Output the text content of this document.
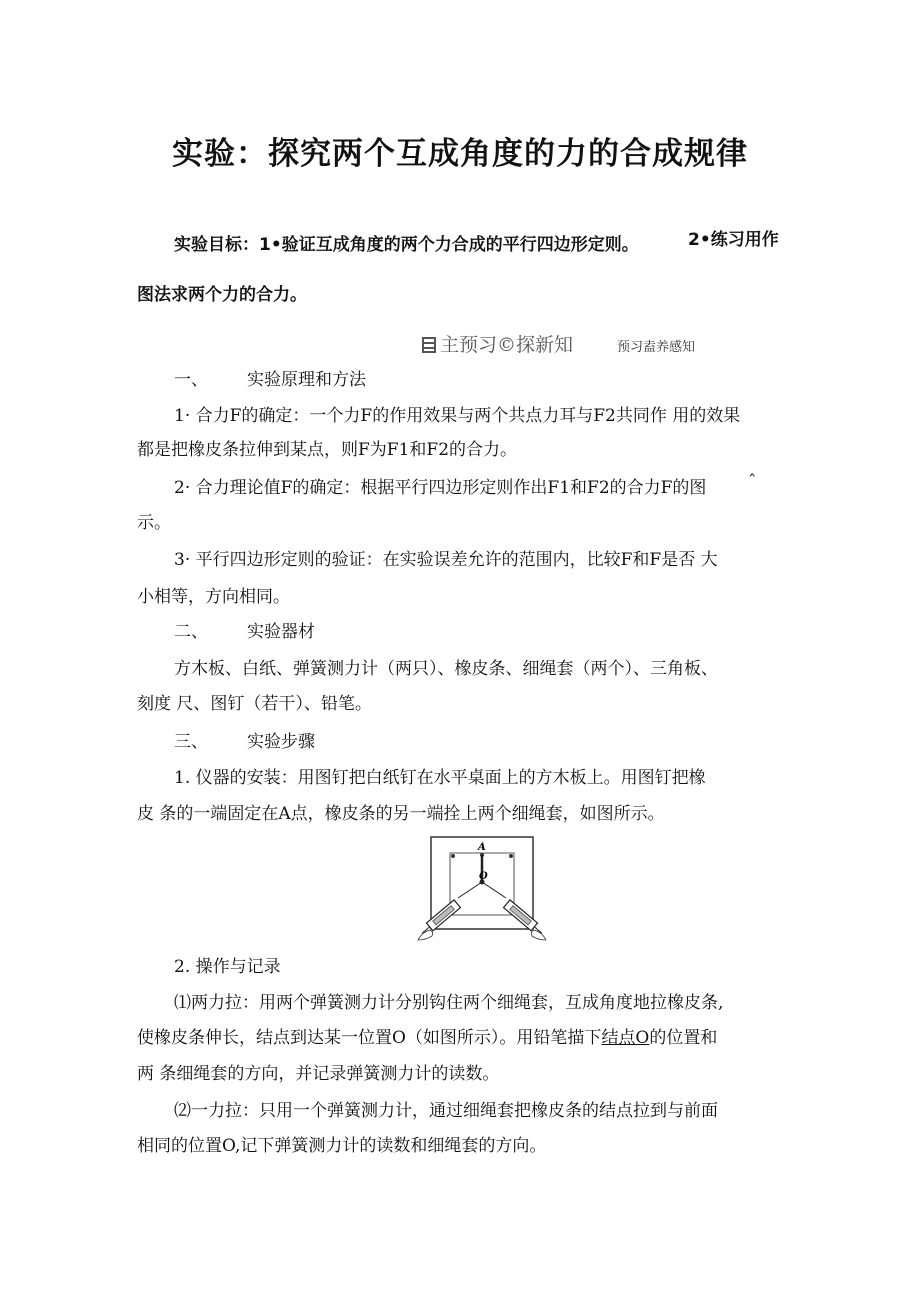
实验：探究两个互成角度的力的合成规律
实验目标：1•验证互成角度的两个力合成的平行四边形定则。	2•练习用作
图法求两个力的合力。
主预习©探新知	预习盍养感知
一、 实验原理和方法
1· 合力F的确定：一个力F的作用效果与两个共点力耳与F2共同作 用的效果
都是把橡皮条拉伸到某点，则F为F1和F2的合力。
2· 合力理论值F的确定：根据平行四边形定则作出F1和F2的合力F的图 ˆ
示。
3· 平行四边形定则的验证：在实验误差允许的范围内，比较F和F是否 大
小相等，方向相同。
二、 实验器材
方木板、白纸、弹簧测力计（两只）、橡皮条、细绳套（两个）、三角板、
刻度 尺、图钉（若干）、铅笔。
三、 实验步骤
1. 仪器的安装：用图钉把白纸钉在水平桌面上的方木板上。用图钉把橡
皮 条的一端固定在A点，橡皮条的另一端拴上两个细绳套，如图所示。
A
O
2. 操作与记录
⑴两力拉：用两个弹簧测力计分别钩住两个细绳套，互成角度地拉橡皮条,
使橡皮条伸长，结点到达某一位置O（如图所示）。用铅笔描下结点O的位置和
两 条细绳套的方向，并记录弹簧测力计的读数。
⑵一力拉：只用一个弹簧测力计，通过细绳套把橡皮条的结点拉到与前面
相同的位置O,记下弹簧测力计的读数和细绳套的方向。
